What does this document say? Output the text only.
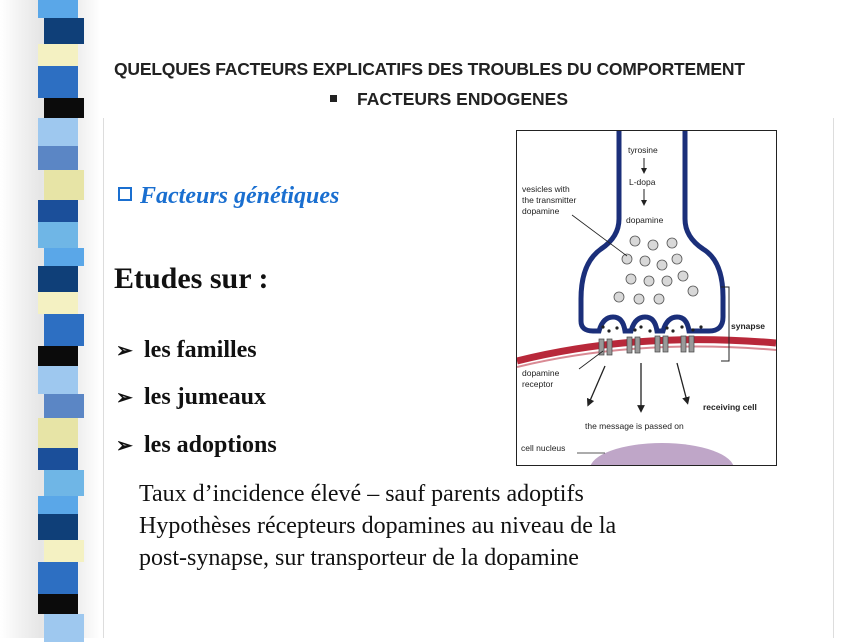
QUELQUES FACTEURS EXPLICATIFS DES TROUBLES DU COMPORTEMENT
FACTEURS ENDOGENES
Facteurs génétiques
Etudes sur :
➢ les familles
➢ les jumeaux
➢ les adoptions
Taux d’incidence élevé – sauf parents adoptifs
Hypothèses récepteurs dopamines au niveau de la
post-synapse, sur transporteur de la dopamine
tyrosine
L-dopa
dopamine
vesicles with
the transmitter
dopamine
synapse
dopamine
receptor
receiving cell
the message is passed on
cell nucleus
